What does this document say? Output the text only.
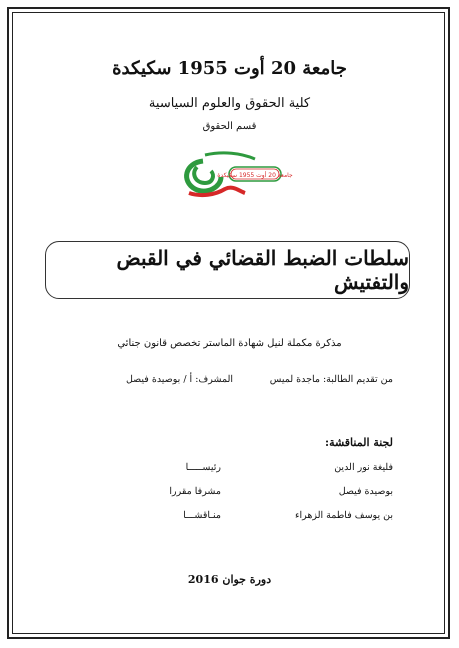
جامعة 20 أوت 1955 سكيكدة
كلية الحقوق والعلوم السياسية
قسم الحقوق
جامعة 20 أوت 1955 سكيكدة
سلطات الضبط القضائي في القبض والتفتيش
مذكرة مكملة لنيل شهادة الماستر تخصص قانون جنائي
من تقديم الطالبة: ماجدة لميس
المشرف: أ / بوصيدة فيصل
لجنة المناقشة:
فليغة نور الدين
رئيســـــا
بوصيدة فيصل
مشرفا مقررا
بن يوسف فاطمة الزهراء
منـاقشـــا
دورة جوان 2016
